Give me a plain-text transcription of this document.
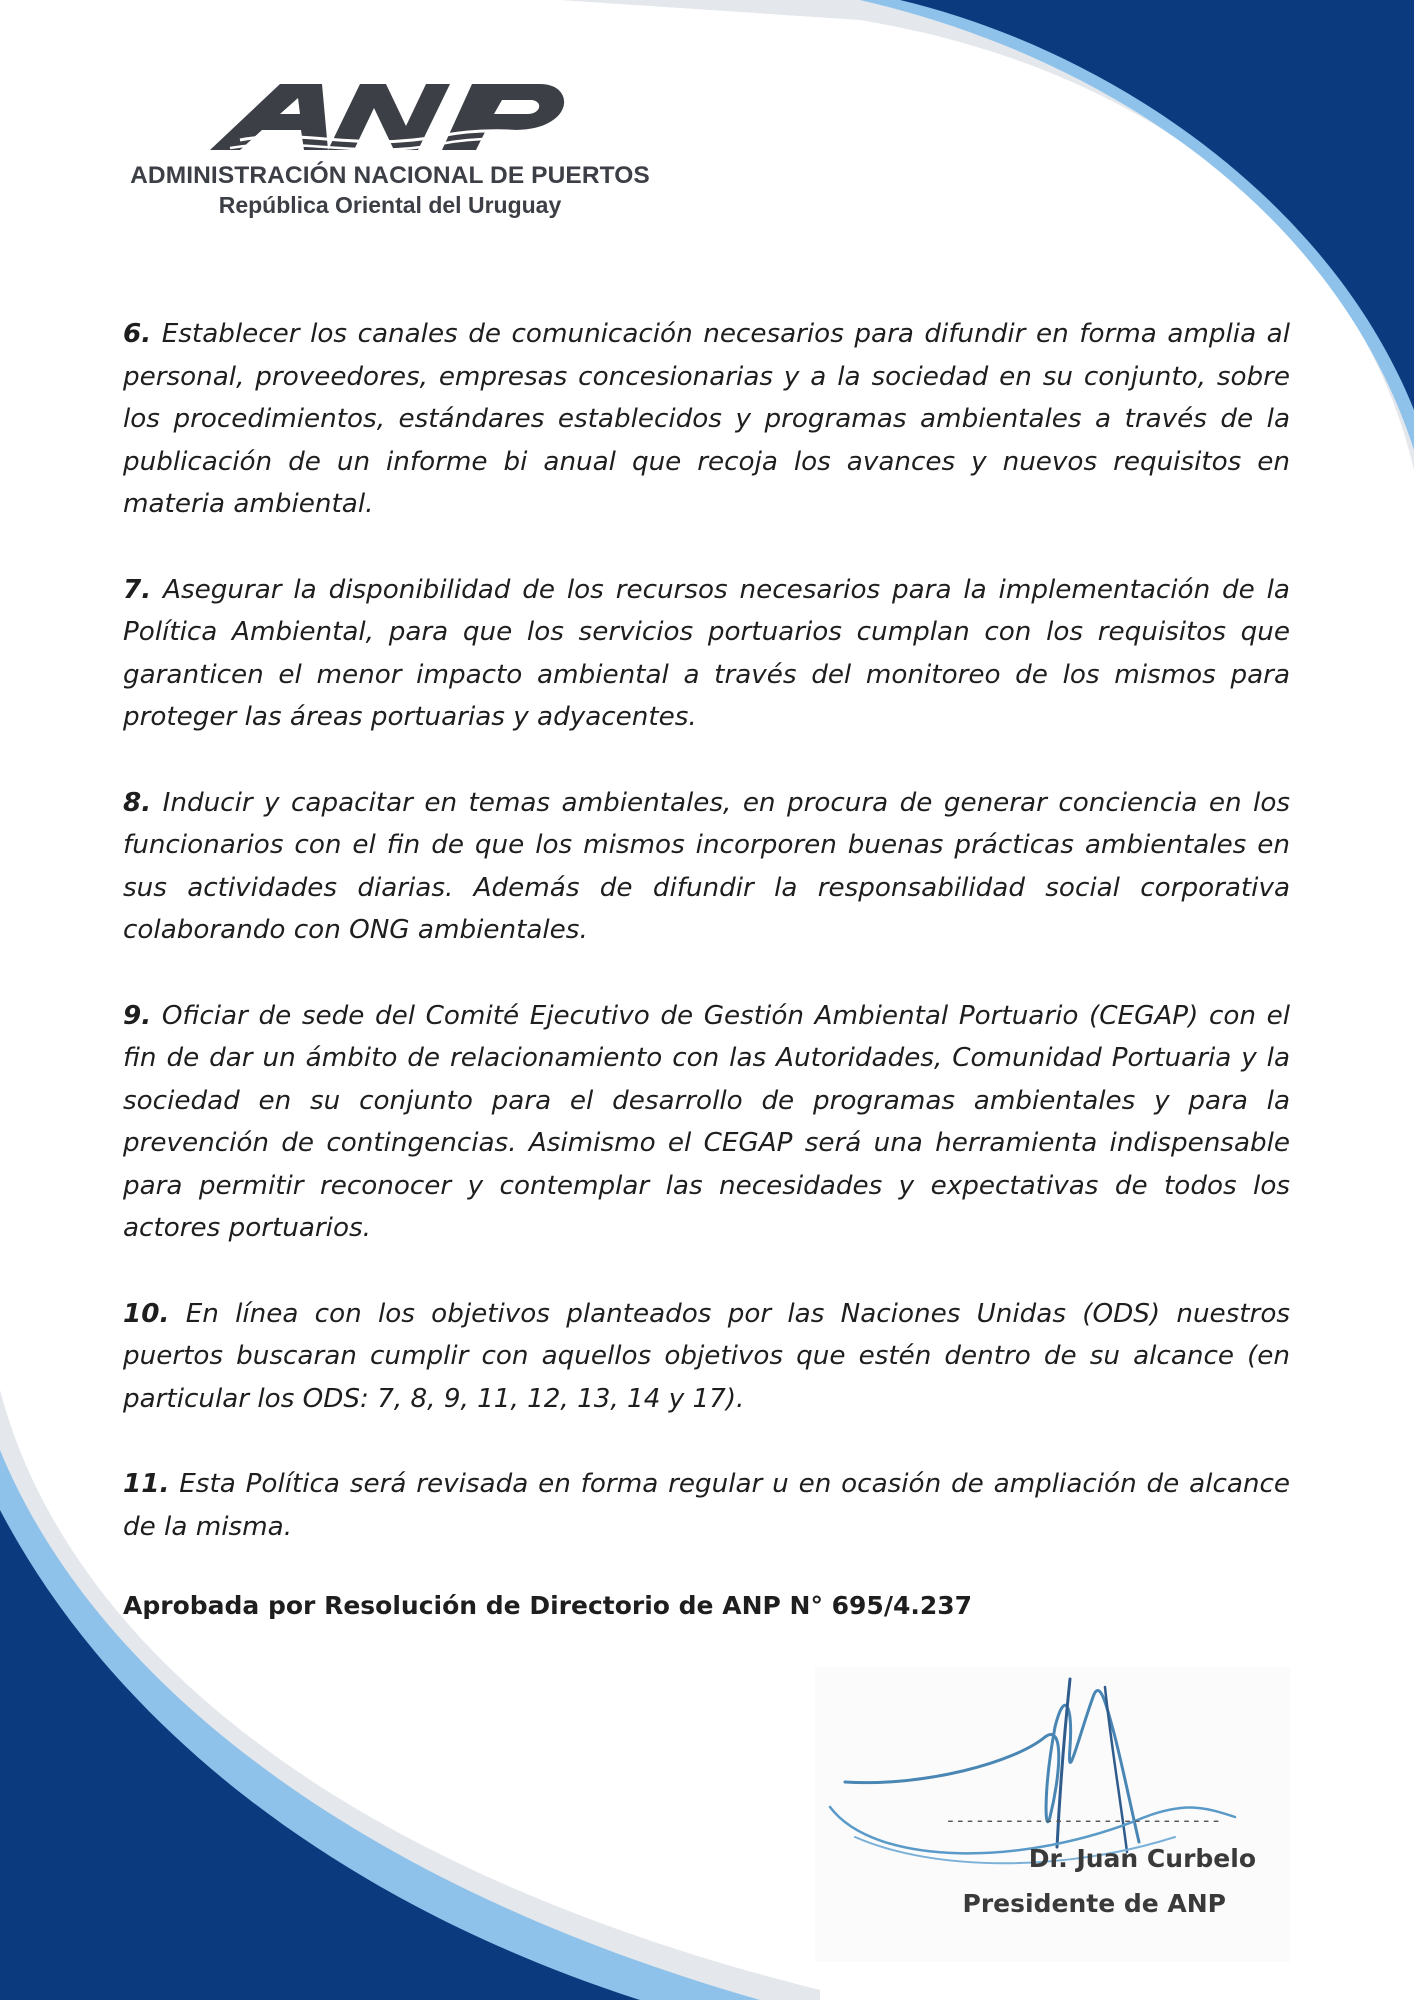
ADMINISTRACIÓN NACIONAL DE PUERTOS
República Oriental del Uruguay

6. Establecer los canales de comunicación necesarios para difundir en forma amplia al personal, proveedores, empresas concesionarias y a la sociedad en su conjunto, sobre los procedimientos, estándares establecidos y programas ambientales a través de la publicación de un informe bi anual que recoja los avances y nuevos requisitos en materia ambiental.

7. Asegurar la disponibilidad de los recursos necesarios para la implementación de la Política Ambiental, para que los servicios portuarios cumplan con los requisitos que garanticen el menor impacto ambiental a través del monitoreo de los mismos para proteger las áreas portuarias y adyacentes.

8. Inducir y capacitar en temas ambientales, en procura de generar conciencia en los funcionarios con el fin de que los mismos incorporen buenas prácticas ambientales en sus actividades diarias. Además de difundir la responsabilidad social corporativa colaborando con ONG ambientales.

9. Oficiar de sede del Comité Ejecutivo de Gestión Ambiental Portuario (CEGAP) con el fin de dar un ámbito de relacionamiento con las Autoridades, Comunidad Portuaria y la sociedad en su conjunto para el desarrollo de programas ambientales y para la prevención de contingencias. Asimismo el CEGAP será una herramienta indispensable para permitir reconocer y contemplar las necesidades y expectativas de todos los actores portuarios.

10. En línea con los objetivos planteados por las Naciones Unidas (ODS) nuestros puertos buscaran cumplir con aquellos objetivos que estén dentro de su alcance (en particular los ODS: 7, 8, 9, 11, 12, 13, 14 y 17).

11. Esta Política será revisada en forma regular u en ocasión de ampliación de alcance de la misma.

Aprobada por Resolución de Directorio de ANP N° 695/4.237
----------------------------
Dr. Juan Curbelo
Presidente de ANP
